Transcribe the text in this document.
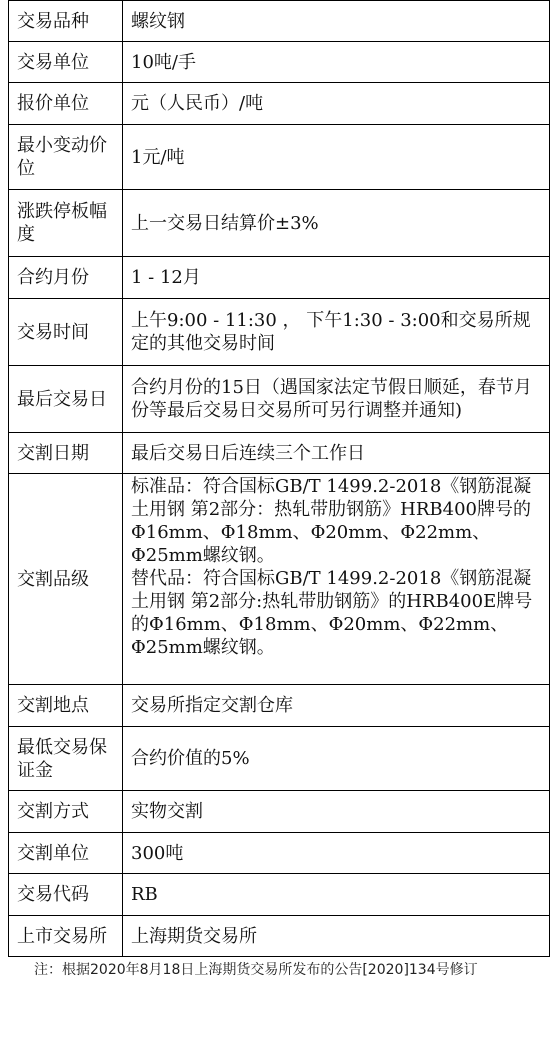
交易品种	螺纹钢
交易单位	10吨/手
报价单位	元（人民币）/吨
最小变动价位	1元/吨
涨跌停板幅度	上一交易日结算价±3%
合约月份	1 - 12月
交易时间	上午9:00 - 11:30 ， 下午1:30 - 3:00和交易所规定的其他交易时间
最后交易日	合约月份的15日（遇国家法定节假日顺延，春节月份等最后交易日交易所可另行调整并通知)
交割日期	最后交易日后连续三个工作日
交割品级	标准品：符合国标GB/T 1499.2-2018《钢筋混凝土用钢 第2部分：热轧带肋钢筋》HRB400牌号的Φ16mm、Φ18mm、Φ20mm、Φ22mm、Φ25mm螺纹钢。
替代品：符合国标GB/T 1499.2-2018《钢筋混凝土用钢 第2部分:热轧带肋钢筋》的HRB400E牌号的Φ16mm、Φ18mm、Φ20mm、Φ22mm、Φ25mm螺纹钢。

交割地点	交易所指定交割仓库
最低交易保证金	合约价值的5%
交割方式	实物交割
交割单位	300吨
交易代码	RB
上市交易所	上海期货交易所
注：根据2020年8月18日上海期货交易所发布的公告[2020]134号修订
